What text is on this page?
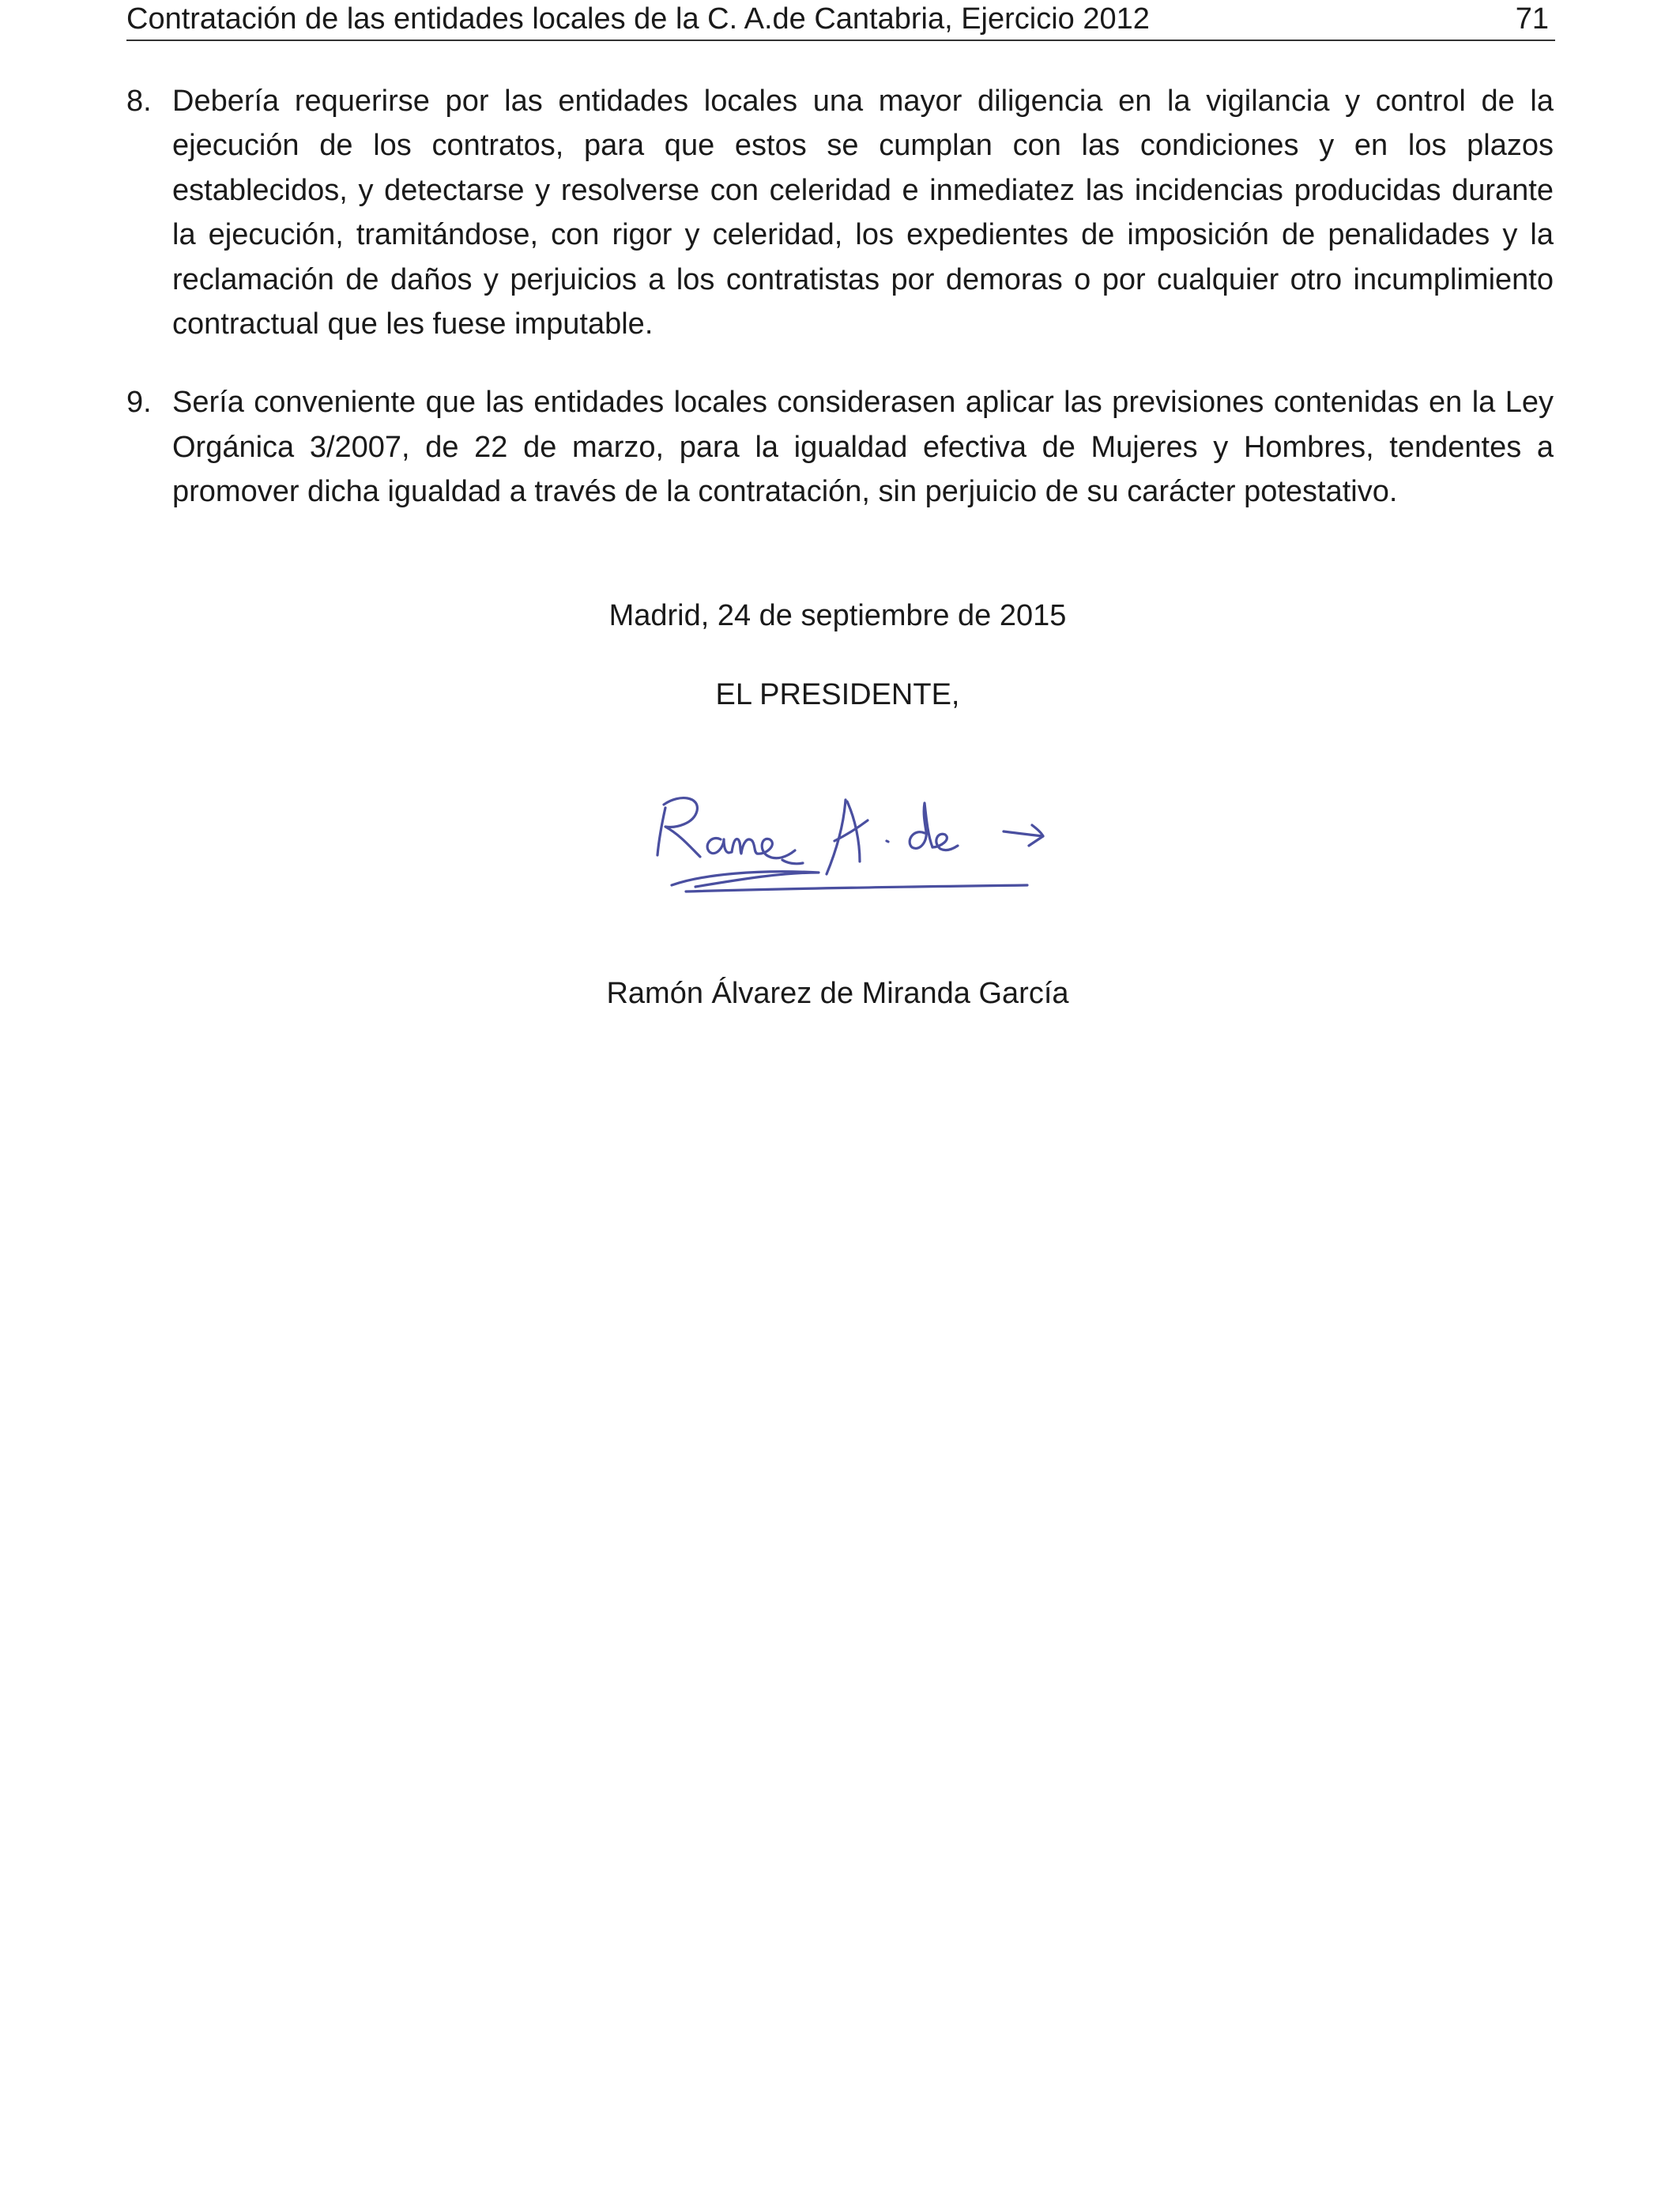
Contratación de las entidades locales de la C. A.de Cantabria, Ejercicio 2012	71
8. Debería requerirse por las entidades locales una mayor diligencia en la vigilancia y control de la ejecución de los contratos, para que estos se cumplan con las condiciones y en los plazos establecidos, y detectarse y resolverse con celeridad e inmediatez las incidencias producidas durante la ejecución, tramitándose, con rigor y celeridad, los expedientes de imposición de penalidades y la reclamación de daños y perjuicios a los contratistas por demoras o por cualquier otro incumplimiento contractual que les fuese imputable.
9. Sería conveniente que las entidades locales considerasen aplicar las previsiones contenidas en la Ley Orgánica 3/2007, de 22 de marzo, para la igualdad efectiva de Mujeres y Hombres, tendentes a promover dicha igualdad a través de la contratación, sin perjuicio de su carácter potestativo.
Madrid, 24 de septiembre de 2015
EL PRESIDENTE,
Ramón Álvarez de Miranda García
